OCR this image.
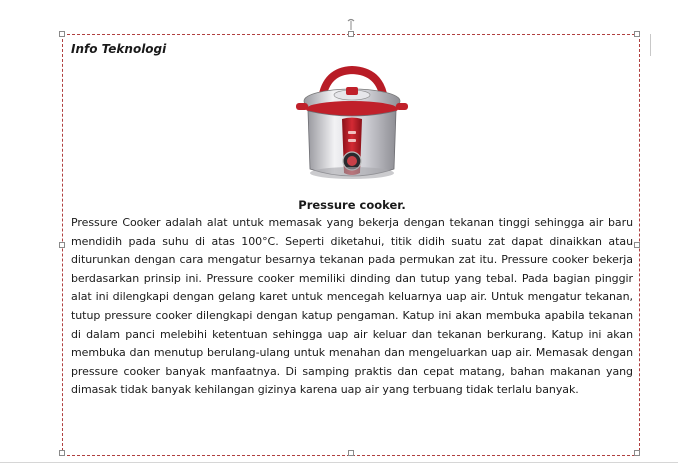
Info Teknologi
Pressure cooker.
Pressure Cooker adalah alat untuk memasak yang bekerja dengan tekanan tinggi sehingga air baru mendidih pada suhu di atas 100°C. Seperti diketahui, titik didih suatu zat dapat dinaikkan atau diturunkan dengan cara mengatur besarnya tekanan pada permukan zat itu. Pressure cooker bekerja berdasarkan prinsip ini. Pressure cooker memiliki dinding dan tutup yang tebal. Pada bagian pinggir alat ini dilengkapi dengan gelang karet untuk mencegah keluarnya uap air. Untuk mengatur tekanan, tutup pressure cooker dilengkapi dengan katup pengaman. Katup ini akan membuka apabila tekanan di dalam panci melebihi ketentuan sehingga uap air keluar dan tekanan berkurang. Katup ini akan membuka dan menutup berulang-ulang untuk menahan dan mengeluarkan uap air. Memasak dengan pressure cooker banyak manfaatnya. Di samping praktis dan cepat matang, bahan makanan yang dimasak tidak banyak kehilangan gizinya karena uap air yang terbuang tidak terlalu banyak.
